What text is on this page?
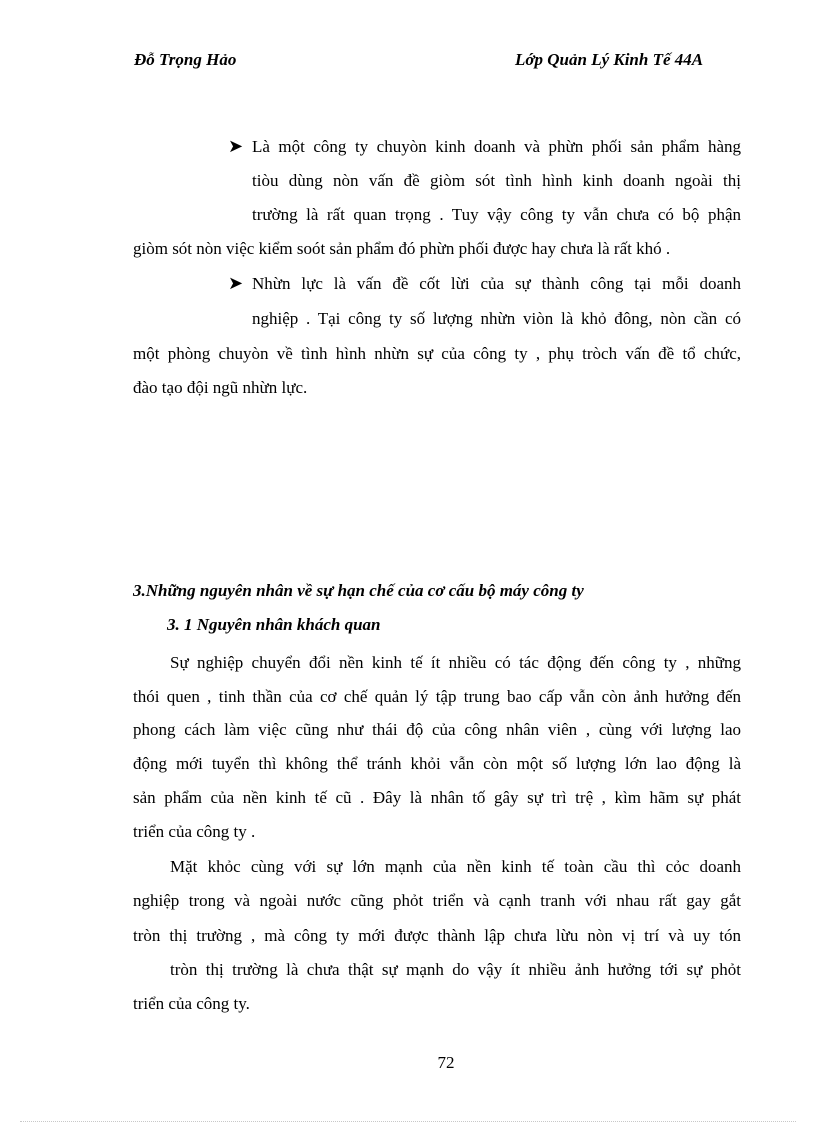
Đỗ Trọng Hảo	Lớp Quản Lý Kinh Tế 44A
➤ Là một công ty chuyòn kinh doanh và phừn phối sản phẩm hàng
tiòu dùng nòn vấn đề giòm sót tình hình kinh doanh ngoài thị
trường là rất quan trọng . Tuy vậy công ty vẫn chưa có bộ phận
giòm sót nòn việc kiểm soót sản phẩm đó phừn phối được hay chưa là rất khó .
➤ Nhừn lực là vấn đề cốt lừi của sự thành công tại mỗi doanh
nghiệp . Tại công ty số lượng nhừn viòn là khỏ đông, nòn cần có
một phòng chuyòn về tình hình nhừn sự của công ty , phụ tròch vấn đề tổ chức,
đào tạo đội ngũ nhừn lực.
3.Những nguyên nhân về sự hạn chế của cơ cấu bộ máy công ty
3. 1 Nguyên nhân khách quan
Sự nghiệp chuyển đổi nền kinh tế ít nhiều có tác động đến công ty , những
thói quen , tinh thần của cơ chế quản lý tập trung bao cấp vẫn còn ảnh hưởng đến
phong cách làm việc cũng như thái độ của công nhân viên , cùng với lượng lao
động mới tuyển thì không thể tránh khỏi vẫn còn một số lượng lớn lao động là
sản phẩm của nền kinh tế cũ . Đây là nhân tố gây sự trì trệ , kìm hãm sự phát
triển của công ty .
Mặt khỏc cùng với sự lớn mạnh của nền kinh tế toàn cầu thì cỏc doanh
nghiệp trong và ngoài nước cũng phỏt triển và cạnh tranh với nhau rất gay gắt
tròn thị trường , mà công ty mới được thành lập chưa lừu nòn vị trí và uy tón
tròn thị trường là chưa thật sự mạnh do vậy ít nhiều ảnh hưởng tới sự phỏt
triển của công ty.
72
